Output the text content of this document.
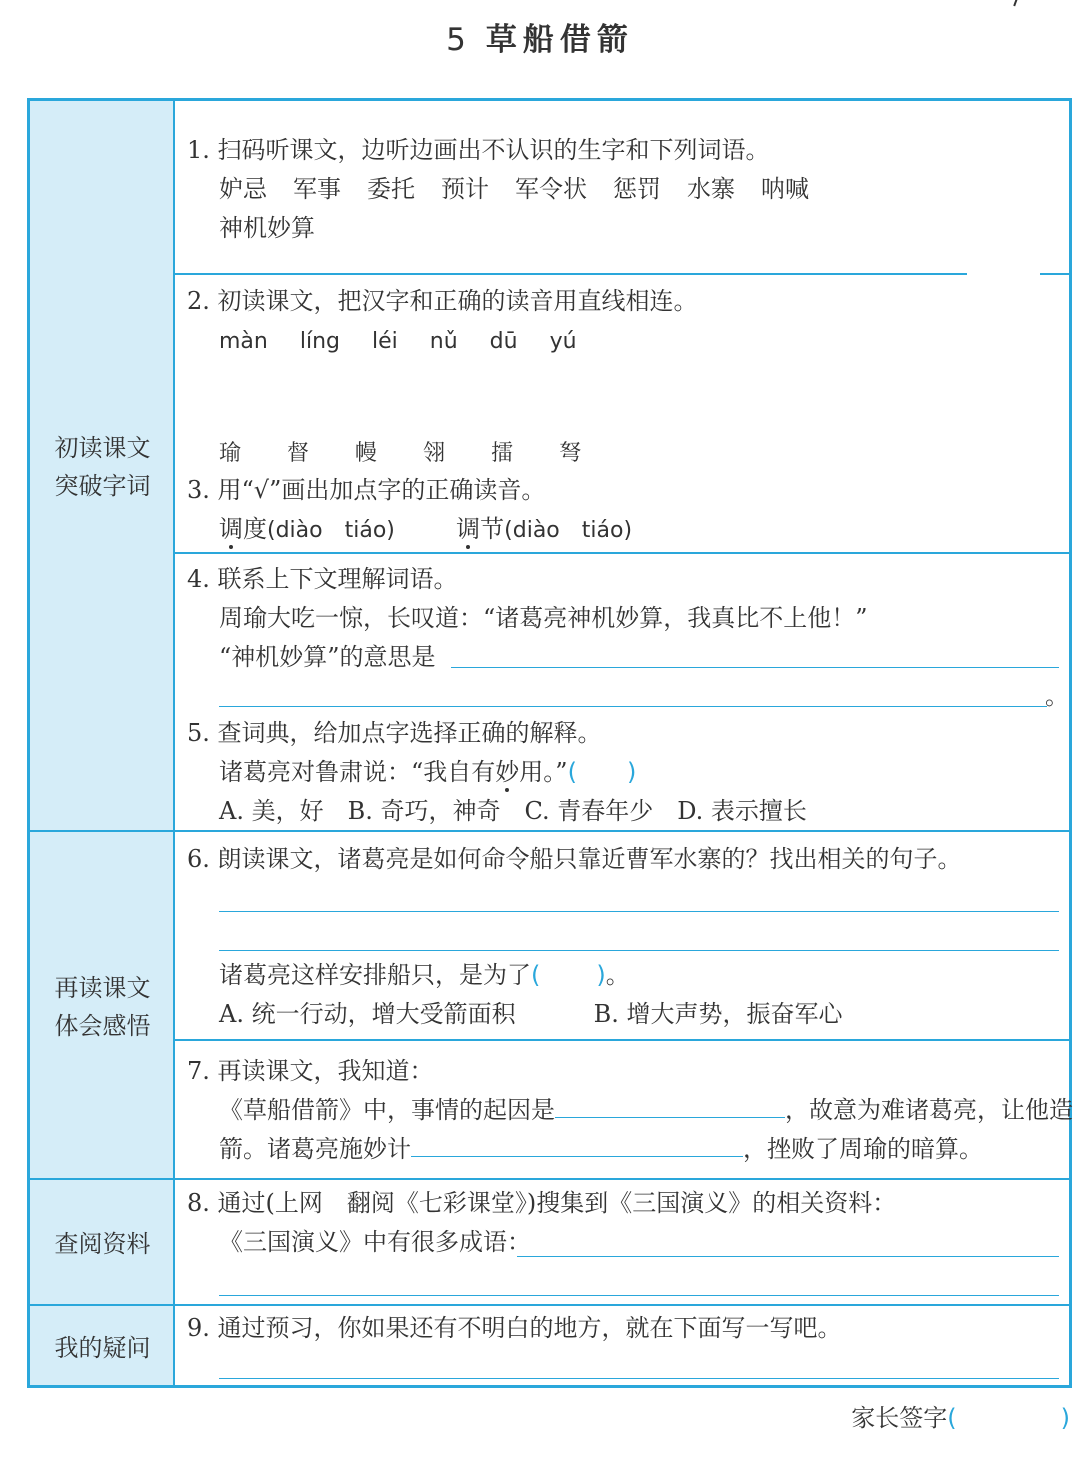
5 草船借箭
初读课文
突破字词
再读课文
体会感悟
查阅资料
我的疑问
1. 扫码听课文，边听边画出不认识的生字和下列词语。
妒忌 军事 委托 预计 军令状 惩罚 水寨 呐喊
神机妙算
2. 初读课文，把汉字和正确的读音用直线相连。
màn líng léi nǔ dū yú
瑜 督 幔 翎 擂 弩
3. 用“√”画出加点字的正确读音。
调度(diào　tiáo)	调节(diào　tiáo)
4. 联系上下文理解词语。
周瑜大吃一惊，长叹道：“诸葛亮神机妙算，我真比不上他！”
“神机妙算”的意思是
。
5. 查词典，给加点字选择正确的解释。
诸葛亮对鲁肃说：“我自有妙用。”( )
A. 美，好　B. 奇巧，神奇　C. 青春年少　D. 表示擅长
6. 朗读课文，诸葛亮是如何命令船只靠近曹军水寨的？找出相关的句子。
诸葛亮这样安排船只，是为了( )。
A. 统一行动，增大受箭面积	B. 增大声势，振奋军心
7. 再读课文，我知道：
《草船借箭》中，事情的起因是	，故意为难诸葛亮，让他造
箭。诸葛亮施妙计	，挫败了周瑜的暗算。
8. 通过(上网　翻阅《七彩课堂》)搜集到《三国演义》的相关资料：
《三国演义》中有很多成语：
9. 通过预习，你如果还有不明白的地方，就在下面写一写吧。
家长签字(	)
